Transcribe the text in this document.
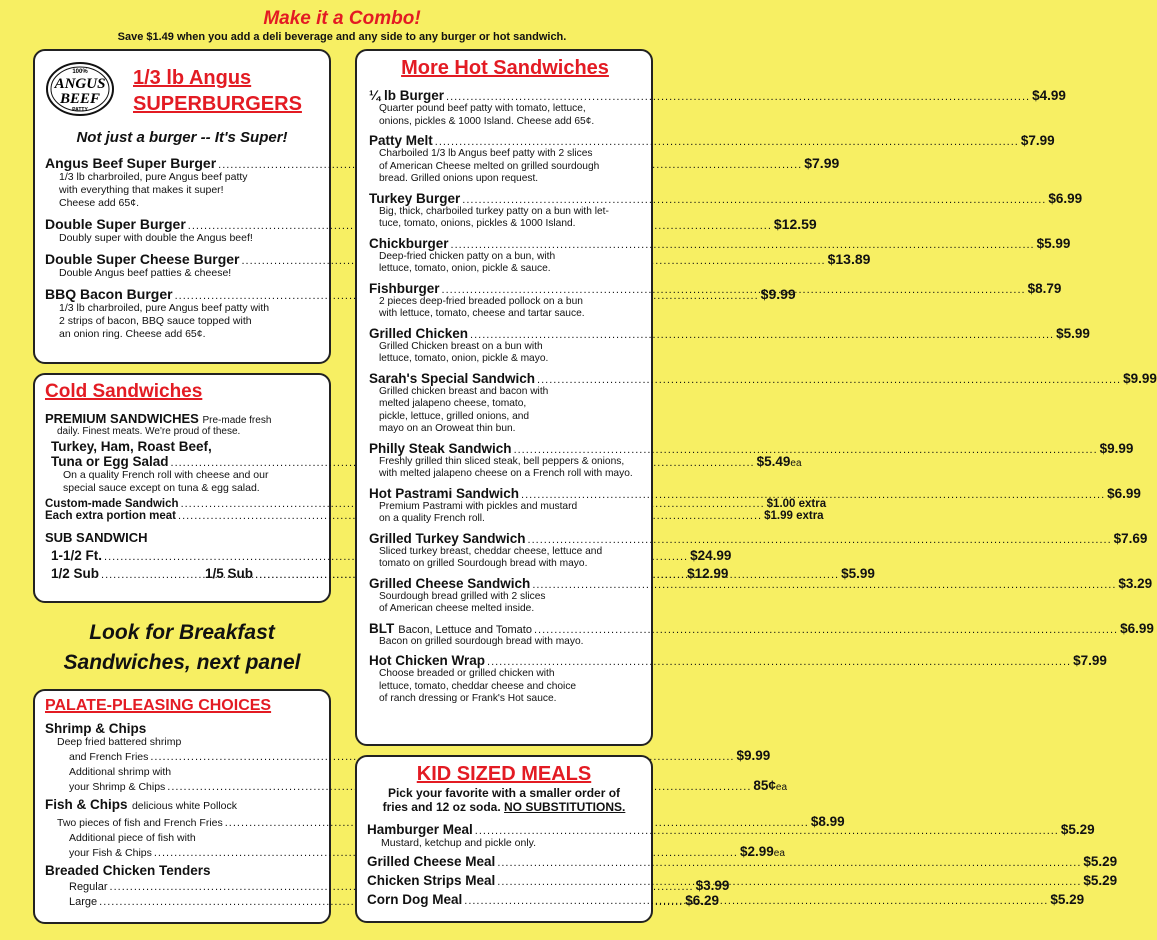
Make it a Combo!
Save $1.49 when you add a deli beverage and any side to any burger or hot sandwich.
100%
ANGUS
BEEF
PATTY
1/3 lb Angus
SUPERBURGERS
Not just a burger -- It's Super!
Angus Beef Super Burger .....	$7.99
1/3 lb charbroiled, pure Angus beef patty
with everything that makes it super!
Cheese add 65¢.
Double Super Burger .....	$12.59
Doubly super with double the Angus beef!
Double Super Cheese Burger .....	$13.89
Double Angus beef patties & cheese!
BBQ Bacon Burger .....	$9.99
1/3 lb charbroiled, pure Angus beef patty with
2 strips of bacon, BBQ sauce topped with
an onion ring. Cheese add 65¢.
Cold Sandwiches
PREMIUM SANDWICHES Pre-made fresh
daily. Finest meats. We're proud of these.
Turkey, Ham, Roast Beef,
Tuna or Egg Salad .....	$5.49 ea
On a quality French roll with cheese and our
special sauce except on tuna & egg salad.
Custom-made Sandwich .....	$1.00 extra
Each extra portion meat .....	$1.99 extra
SUB SANDWICH
1-1/2 Ft. .....	$24.99
1/2 Sub .....	$12.99
1/5 Sub .....	$5.99
Look for Breakfast
Sandwiches, next panel
PALATE-PLEASING CHOICES
Shrimp & Chips
Deep fried battered shrimp
and French Fries .....	$9.99
Additional shrimp with
your Shrimp & Chips .....	85¢ ea
Fish & Chips delicious white Pollock
Two pieces of fish and French Fries .....	$8.99
Additional piece of fish with
your Fish & Chips .....	$2.99 ea
Breaded Chicken Tenders
Regular .....	$3.99
Large .....	$6.29
More Hot Sandwiches
¼ lb Burger .....	$4.99
Quarter pound beef patty with tomato, lettuce,
onions, pickles & 1000 Island. Cheese add 65¢.
Patty Melt .....	$7.99
Charboiled 1/3 lb Angus beef patty with 2 slices
of American Cheese melted on grilled sourdough
bread. Grilled onions upon request.
Turkey Burger .....	$6.99
Big, thick, charboiled turkey patty on a bun with let-
tuce, tomato, onions, pickles & 1000 Island.
Chickburger .....	$5.99
Deep-fried chicken patty on a bun, with
lettuce, tomato, onion, pickle & sauce.
Fishburger .....	$8.79
2 pieces deep-fried breaded pollock on a bun
with lettuce, tomato, cheese and tartar sauce.
Grilled Chicken .....	$5.99
Grilled Chicken breast on a bun with
lettuce, tomato, onion, pickle & mayo.
Sarah's Special Sandwich .....	$9.99
Grilled chicken breast and bacon with
melted jalapeno cheese, tomato,
pickle, lettuce, grilled onions, and
mayo on an Oroweat thin bun.
Philly Steak Sandwich .....	$9.99
Freshly grilled thin sliced steak, bell peppers & onions,
with melted jalapeno cheese on a French roll with mayo.
Hot Pastrami Sandwich .....	$6.99
Premium Pastrami with pickles and mustard
on a quality French roll.
Grilled Turkey Sandwich .....	$7.69
Sliced turkey breast, cheddar cheese, lettuce and
tomato on grilled Sourdough bread with mayo.
Grilled Cheese Sandwich .....	$3.29
Sourdough bread grilled with 2 slices
of American cheese melted inside.
BLT Bacon, Lettuce and Tomato .....	$6.99
Bacon on grilled sourdough bread with mayo.
Hot Chicken Wrap .....	$7.99
Choose breaded or grilled chicken with
lettuce, tomato, cheddar cheese and choice
of ranch dressing or Frank's Hot sauce.
KID SIZED MEALS
Pick your favorite with a smaller order of
fries and 12 oz soda. NO SUBSTITUTIONS.
Hamburger Meal .....	$5.29
Mustard, ketchup and pickle only.
Grilled Cheese Meal .....	$5.29
Chicken Strips Meal .....	$5.29
Corn Dog Meal .....	$5.29
